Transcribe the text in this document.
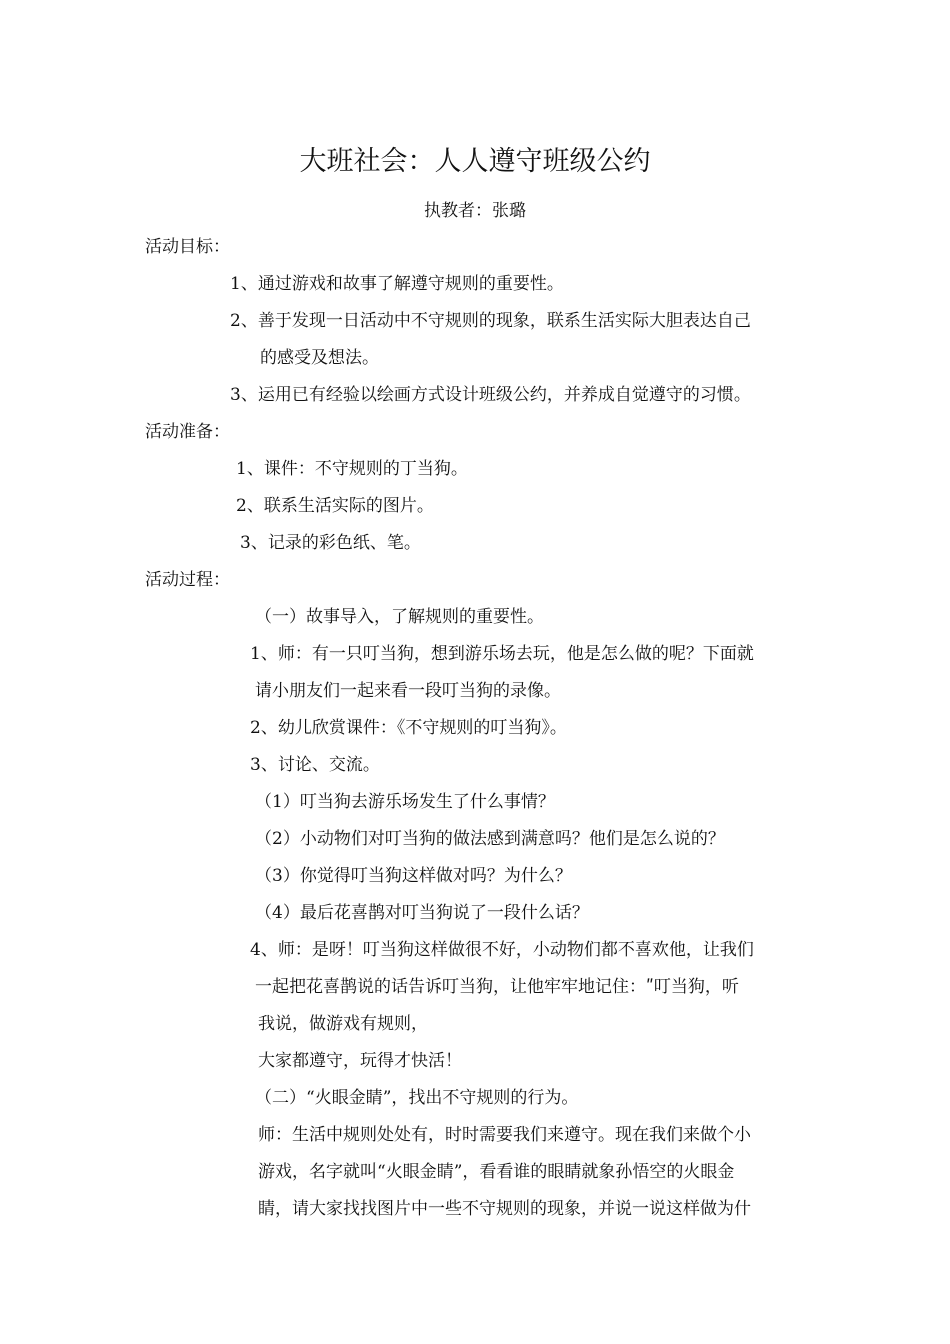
大班社会：人人遵守班级公约
执教者：张璐
活动目标：
1、通过游戏和故事了解遵守规则的重要性。
2、善于发现一日活动中不守规则的现象，联系生活实际大胆表达自己
的感受及想法。
3、运用已有经验以绘画方式设计班级公约，并养成自觉遵守的习惯。
活动准备：
1、课件：不守规则的丁当狗。
2、联系生活实际的图片。
3、记录的彩色纸、笔。
活动过程：
（一）故事导入，了解规则的重要性。
1、师：有一只叮当狗，想到游乐场去玩，他是怎么做的呢？下面就
请小朋友们一起来看一段叮当狗的录像。
2、幼儿欣赏课件：《不守规则的叮当狗》。
3、讨论、交流。
（1）叮当狗去游乐场发生了什么事情？
（2）小动物们对叮当狗的做法感到满意吗？他们是怎么说的？
（3）你觉得叮当狗这样做对吗？为什么？
（4）最后花喜鹊对叮当狗说了一段什么话？
4、师：是呀！叮当狗这样做很不好，小动物们都不喜欢他，让我们
一起把花喜鹊说的话告诉叮当狗，让他牢牢地记住：ʺ叮当狗，听
我说，做游戏有规则，
大家都遵守，玩得才快活！
（二）“火眼金睛”，找出不守规则的行为。
师：生活中规则处处有，时时需要我们来遵守。现在我们来做个小
游戏，名字就叫“火眼金睛”，看看谁的眼睛就象孙悟空的火眼金
睛，请大家找找图片中一些不守规则的现象，并说一说这样做为什
